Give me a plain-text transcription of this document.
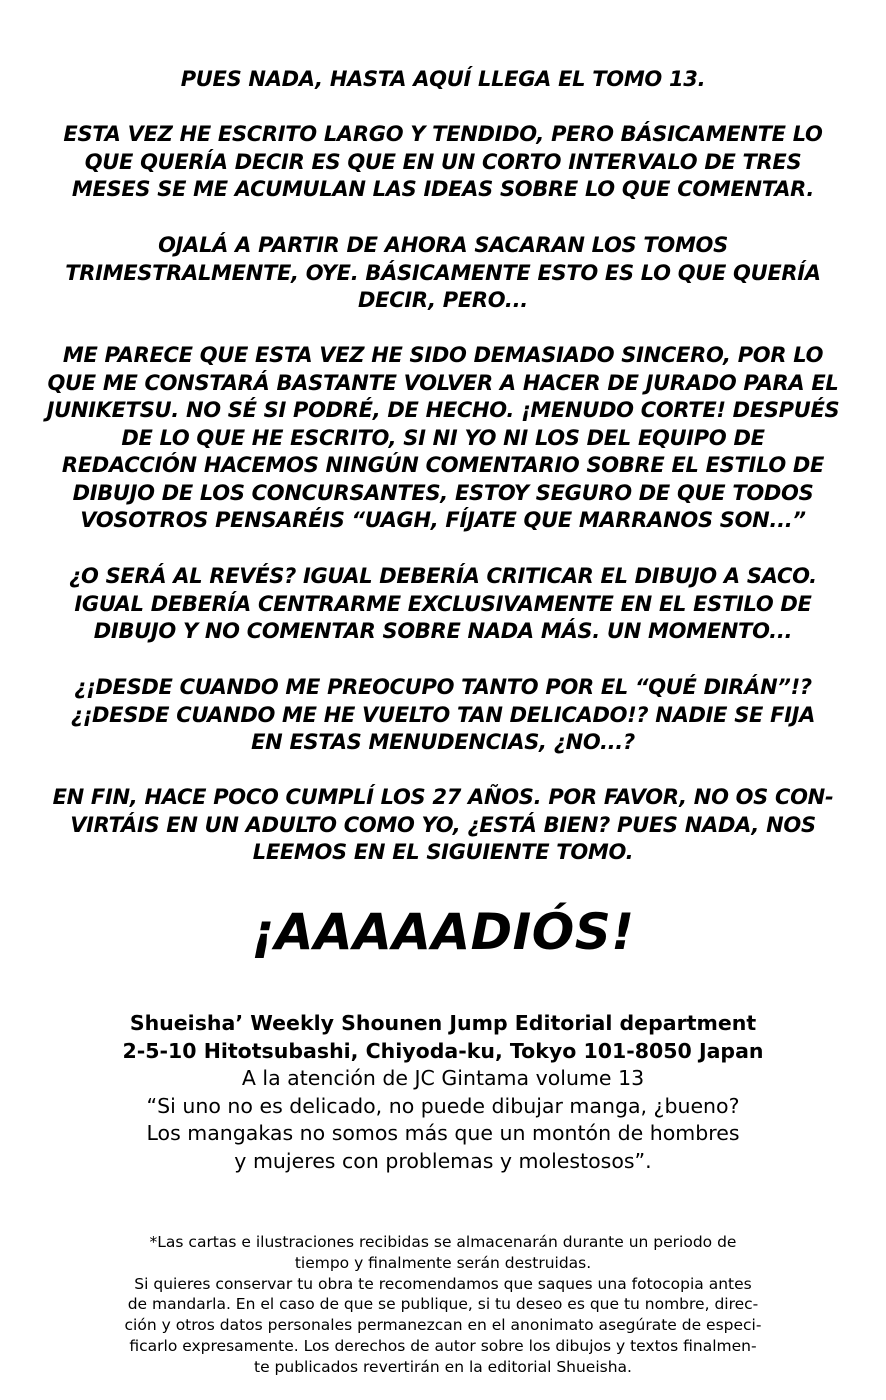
PUES NADA, HASTA AQUÍ LLEGA EL TOMO 13.

ESTA VEZ HE ESCRITO LARGO Y TENDIDO, PERO BÁSICAMENTE LO
QUE QUERÍA DECIR ES QUE EN UN CORTO INTERVALO DE TRES
MESES SE ME ACUMULAN LAS IDEAS SOBRE LO QUE COMENTAR.

OJALÁ A PARTIR DE AHORA SACARAN LOS TOMOS
TRIMESTRALMENTE, OYE. BÁSICAMENTE ESTO ES LO QUE QUERÍA
DECIR, PERO...

ME PARECE QUE ESTA VEZ HE SIDO DEMASIADO SINCERO, POR LO
QUE ME CONSTARÁ BASTANTE VOLVER A HACER DE JURADO PARA EL
JUNIKETSU. NO SÉ SI PODRÉ, DE HECHO. ¡MENUDO CORTE! DESPUÉS
DE LO QUE HE ESCRITO, SI NI YO NI LOS DEL EQUIPO DE
REDACCIÓN HACEMOS NINGÚN COMENTARIO SOBRE EL ESTILO DE
DIBUJO DE LOS CONCURSANTES, ESTOY SEGURO DE QUE TODOS
VOSOTROS PENSARÉIS “UAGH, FÍJATE QUE MARRANOS SON...”

¿O SERÁ AL REVÉS? IGUAL DEBERÍA CRITICAR EL DIBUJO A SACO.
IGUAL DEBERÍA CENTRARME EXCLUSIVAMENTE EN EL ESTILO DE
DIBUJO Y NO COMENTAR SOBRE NADA MÁS. UN MOMENTO...

¿¡DESDE CUANDO ME PREOCUPO TANTO POR EL “QUÉ DIRÁN”!?
¿¡DESDE CUANDO ME HE VUELTO TAN DELICADO!? NADIE SE FIJA
EN ESTAS MENUDENCIAS, ¿NO...?

EN FIN, HACE POCO CUMPLÍ LOS 27 AÑOS. POR FAVOR, NO OS CON-
VIRTÁIS EN UN ADULTO COMO YO, ¿ESTÁ BIEN? PUES NADA, NOS
LEEMOS EN EL SIGUIENTE TOMO.

¡AAAAADIÓS!

Shueisha’ Weekly Shounen Jump Editorial department
2-5-10 Hitotsubashi, Chiyoda-ku, Tokyo 101-8050 Japan
A la atención de JC Gintama volume 13
“Si uno no es delicado, no puede dibujar manga, ¿bueno?
Los mangakas no somos más que un montón de hombres
y mujeres con problemas y molestosos”.

*Las cartas e ilustraciones recibidas se almacenarán durante un periodo de
tiempo y finalmente serán destruidas.
Si quieres conservar tu obra te recomendamos que saques una fotocopia antes
de mandarla. En el caso de que se publique, si tu deseo es que tu nombre, direc-
ción y otros datos personales permanezcan en el anonimato asegúrate de especi-
ficarlo expresamente. Los derechos de autor sobre los dibujos y textos finalmen-
te publicados revertirán en la editorial Shueisha.
